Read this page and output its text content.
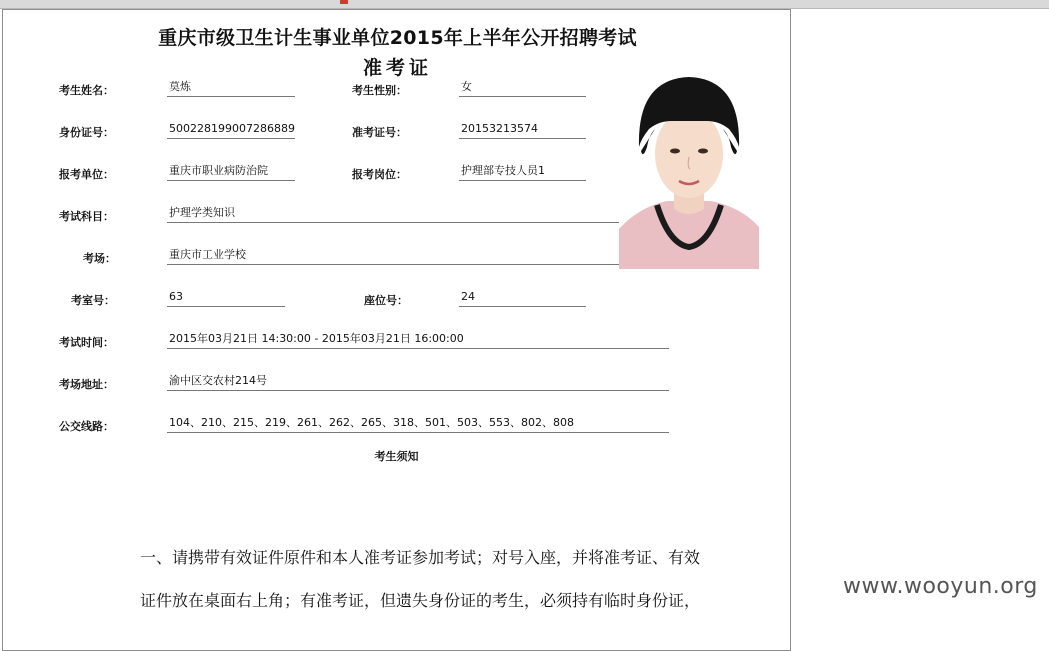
重庆市级卫生计生事业单位2015年上半年公开招聘考试
准考证
考生姓名：	莫炼	考生性别：	女
身份证号：	500228199007286889	准考证号：	20153213574
报考单位：	重庆市职业病防治院	报考岗位：	护理部专技人员1
考试科目：	护理学类知识
考场：	重庆市工业学校
考室号：	63	座位号：	24
考试时间：	2015年03月21日 14:30:00 - 2015年03月21日 16:00:00
考场地址：	渝中区交农村214号
公交线路：	104、210、215、219、261、262、265、318、501、503、553、802、808
考生须知
一、请携带有效证件原件和本人准考证参加考试；对号入座，并将准考证、有效
证件放在桌面右上角；有准考证，但遗失身份证的考生，必须持有临时身份证，
www.wooyun.org
